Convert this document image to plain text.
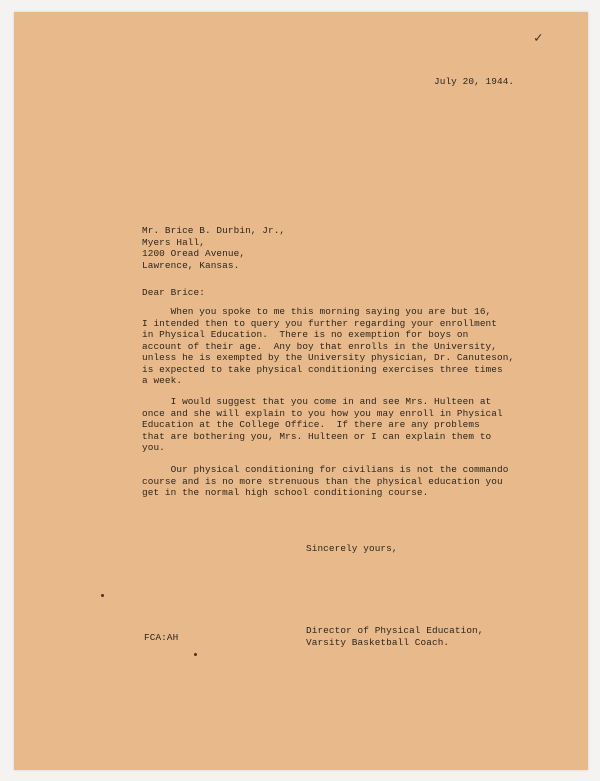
✓
July 20, 1944.
Mr. Brice B. Durbin, Jr.,
Myers Hall,
1200 Oread Avenue,
Lawrence, Kansas.
Dear Brice:
When you spoke to me this morning saying you are but 16,
I intended then to query you further regarding your enrollment
in Physical Education.  There is no exemption for boys on
account of their age.  Any boy that enrolls in the University,
unless he is exempted by the University physician, Dr. Canuteson,
is expected to take physical conditioning exercises three times
a week.
I would suggest that you come in and see Mrs. Hulteen at
once and she will explain to you how you may enroll in Physical
Education at the College Office.  If there are any problems
that are bothering you, Mrs. Hulteen or I can explain them to
you.
Our physical conditioning for civilians is not the commando
course and is no more strenuous than the physical education you
get in the normal high school conditioning course.
Sincerely yours,
Director of Physical Education,
Varsity Basketball Coach.
FCA:AH
